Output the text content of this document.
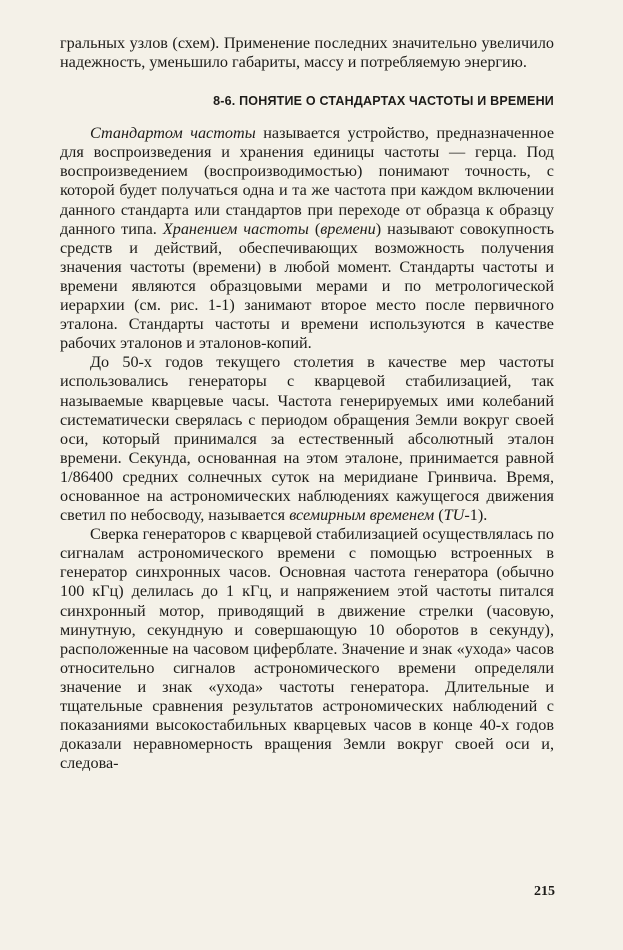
гральных узлов (схем). Применение последних значительно увеличило надежность, уменьшило габариты, массу и потребляемую энергию.

8-6. ПОНЯТИЕ О СТАНДАРТАХ ЧАСТОТЫ И ВРЕМЕНИ

Стандартом частоты называется устройство, предназначенное для воспроизведения и хранения единицы частоты — герца. Под воспроизведением (воспроизводимостью) понимают точность, с которой будет получаться одна и та же частота при каждом включении данного стандарта или стандартов при переходе от образца к образцу данного типа. Хранением частоты (времени) называют совокупность средств и действий, обеспечивающих возможность получения значения частоты (времени) в любой момент. Стандарты частоты и времени являются образцовыми мерами и по метрологической иерархии (см. рис. 1-1) занимают второе место после первичного эталона. Стандарты частоты и времени используются в качестве рабочих эталонов и эталонов-копий.

До 50-х годов текущего столетия в качестве мер частоты использовались генераторы с кварцевой стабилизацией, так называемые кварцевые часы. Частота генерируемых ими колебаний систематически сверялась с периодом обращения Земли вокруг своей оси, который принимался за естественный абсолютный эталон времени. Секунда, основанная на этом эталоне, принимается равной 1/86400 средних солнечных суток на меридиане Гринвича. Время, основанное на астрономических наблюдениях кажущегося движения светил по небосводу, называется всемирным временем (TU-1).

Сверка генераторов с кварцевой стабилизацией осуществлялась по сигналам астрономического времени с помощью встроенных в генератор синхронных часов. Основная частота генератора (обычно 100 кГц) делилась до 1 кГц, и напряжением этой частоты питался синхронный мотор, приводящий в движение стрелки (часовую, минутную, секундную и совершающую 10 оборотов в секунду), расположенные на часовом циферблате. Значение и знак «ухода» часов относительно сигналов астрономического времени определяли значение и знак «ухода» частоты генератора. Длительные и тщательные сравнения результатов астрономических наблюдений с показаниями высокостабильных кварцевых часов в конце 40-х годов доказали неравномерность вращения Земли вокруг своей оси и, следова-

215
